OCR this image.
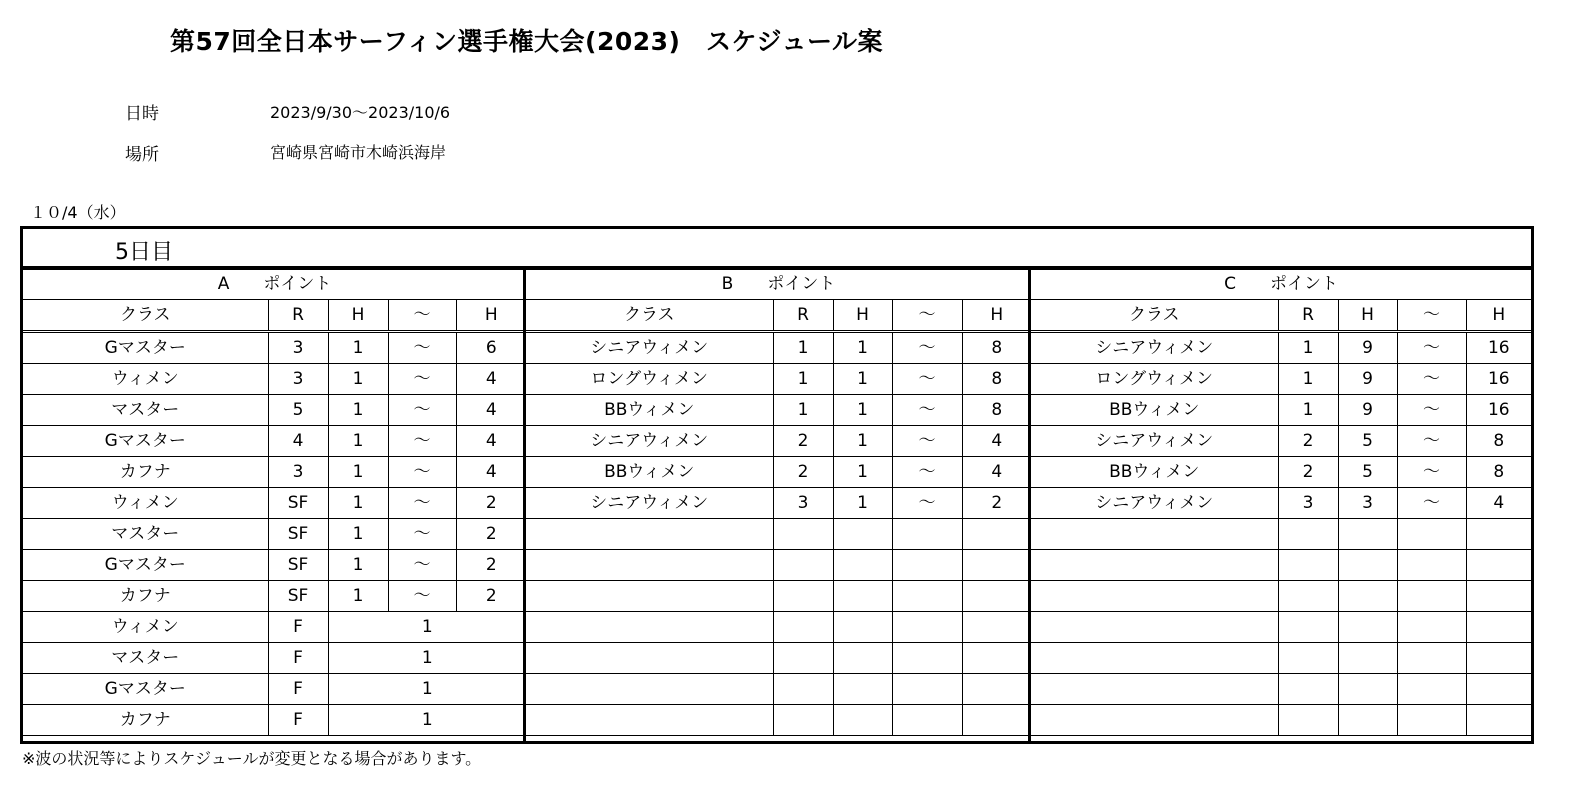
第57回全日本サーフィン選手権大会(2023)　スケジュール案
日時	2023/9/30～2023/10/6
場所	宮崎県宮崎市木崎浜海岸
１０/4（水）
5日目
A　　ポイント				
クラス	R	H	～	H
Gマスター	3	1	～	6
ウィメン	3	1	～	4
マスター	5	1	～	4
Gマスター	4	1	～	4
カフナ	3	1	～	4
ウィメン	SF	1	～	2
マスター	SF	1	～	2
Gマスター	SF	1	～	2
カフナ	SF	1	～	2
ウィメン	F	1		
マスター	F	1		
Gマスター	F	1		
カフナ	F	1		
B　　ポイント				
クラス	R	H	～	H
シニアウィメン	1	1	～	8
ロングウィメン	1	1	～	8
BBウィメン	1	1	～	8
シニアウィメン	2	1	～	4
BBウィメン	2	1	～	4
シニアウィメン	3	1	～	2

C　　ポイント				
クラス	R	H	～	H
シニアウィメン	1	9	～	16
ロングウィメン	1	9	～	16
BBウィメン	1	9	～	16
シニアウィメン	2	5	～	8
BBウィメン	2	5	～	8
シニアウィメン	3	3	～	4

※波の状況等によりスケジュールが変更となる場合があります。
